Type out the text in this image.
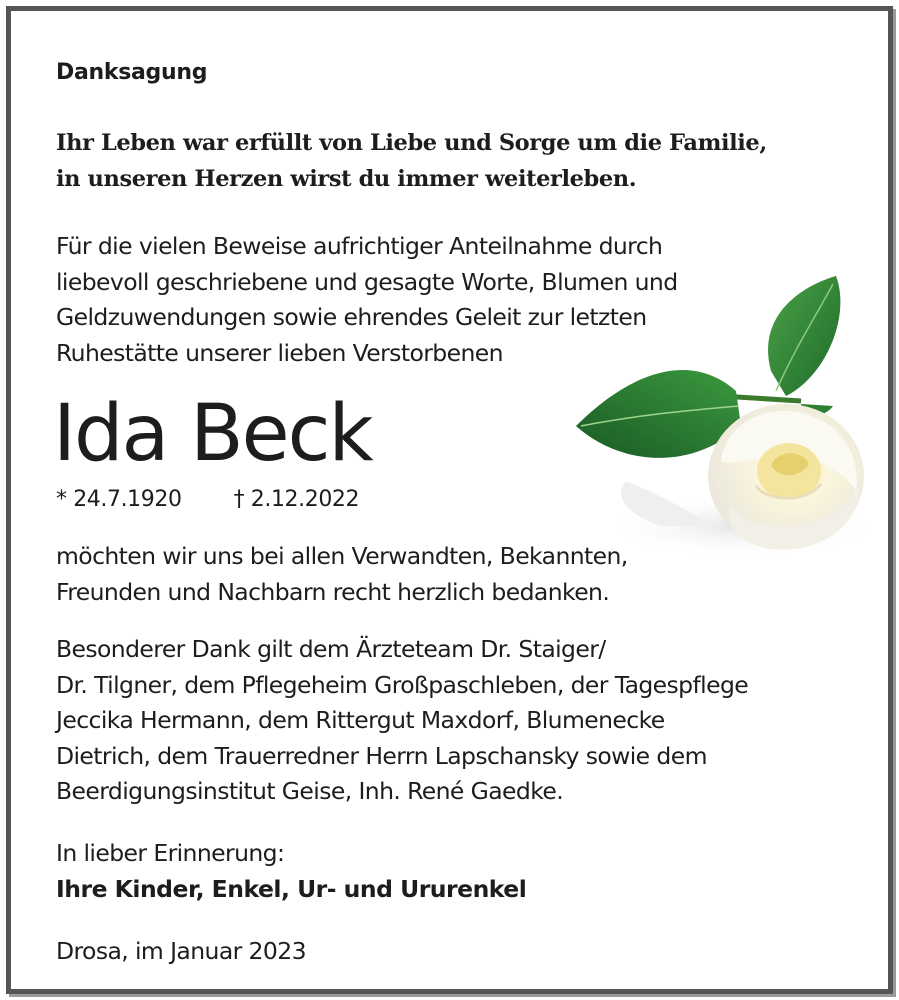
Danksagung
Ihr Leben war erfüllt von Liebe und Sorge um die Familie,
in unseren Herzen wirst du immer weiterleben.
Für die vielen Beweise aufrichtiger Anteilnahme durch
liebevoll geschriebene und gesagte Worte, Blumen und
Geldzuwendungen sowie ehrendes Geleit zur letzten
Ruhestätte unserer lieben Verstorbenen
Ida Beck
* 24.7.1920 † 2.12.2022
möchten wir uns bei allen Verwandten, Bekannten,
Freunden und Nachbarn recht herzlich bedanken.
Besonderer Dank gilt dem Ärzteteam Dr. Staiger/
Dr. Tilgner, dem Pflegeheim Großpaschleben, der Tagespflege
Jeccika Hermann, dem Rittergut Maxdorf, Blumenecke
Dietrich, dem Trauerredner Herrn Lapschansky sowie dem
Beerdigungsinstitut Geise, Inh. René Gaedke.
In lieber Erinnerung:
Ihre Kinder, Enkel, Ur- und Ururenkel
Drosa, im Januar 2023
